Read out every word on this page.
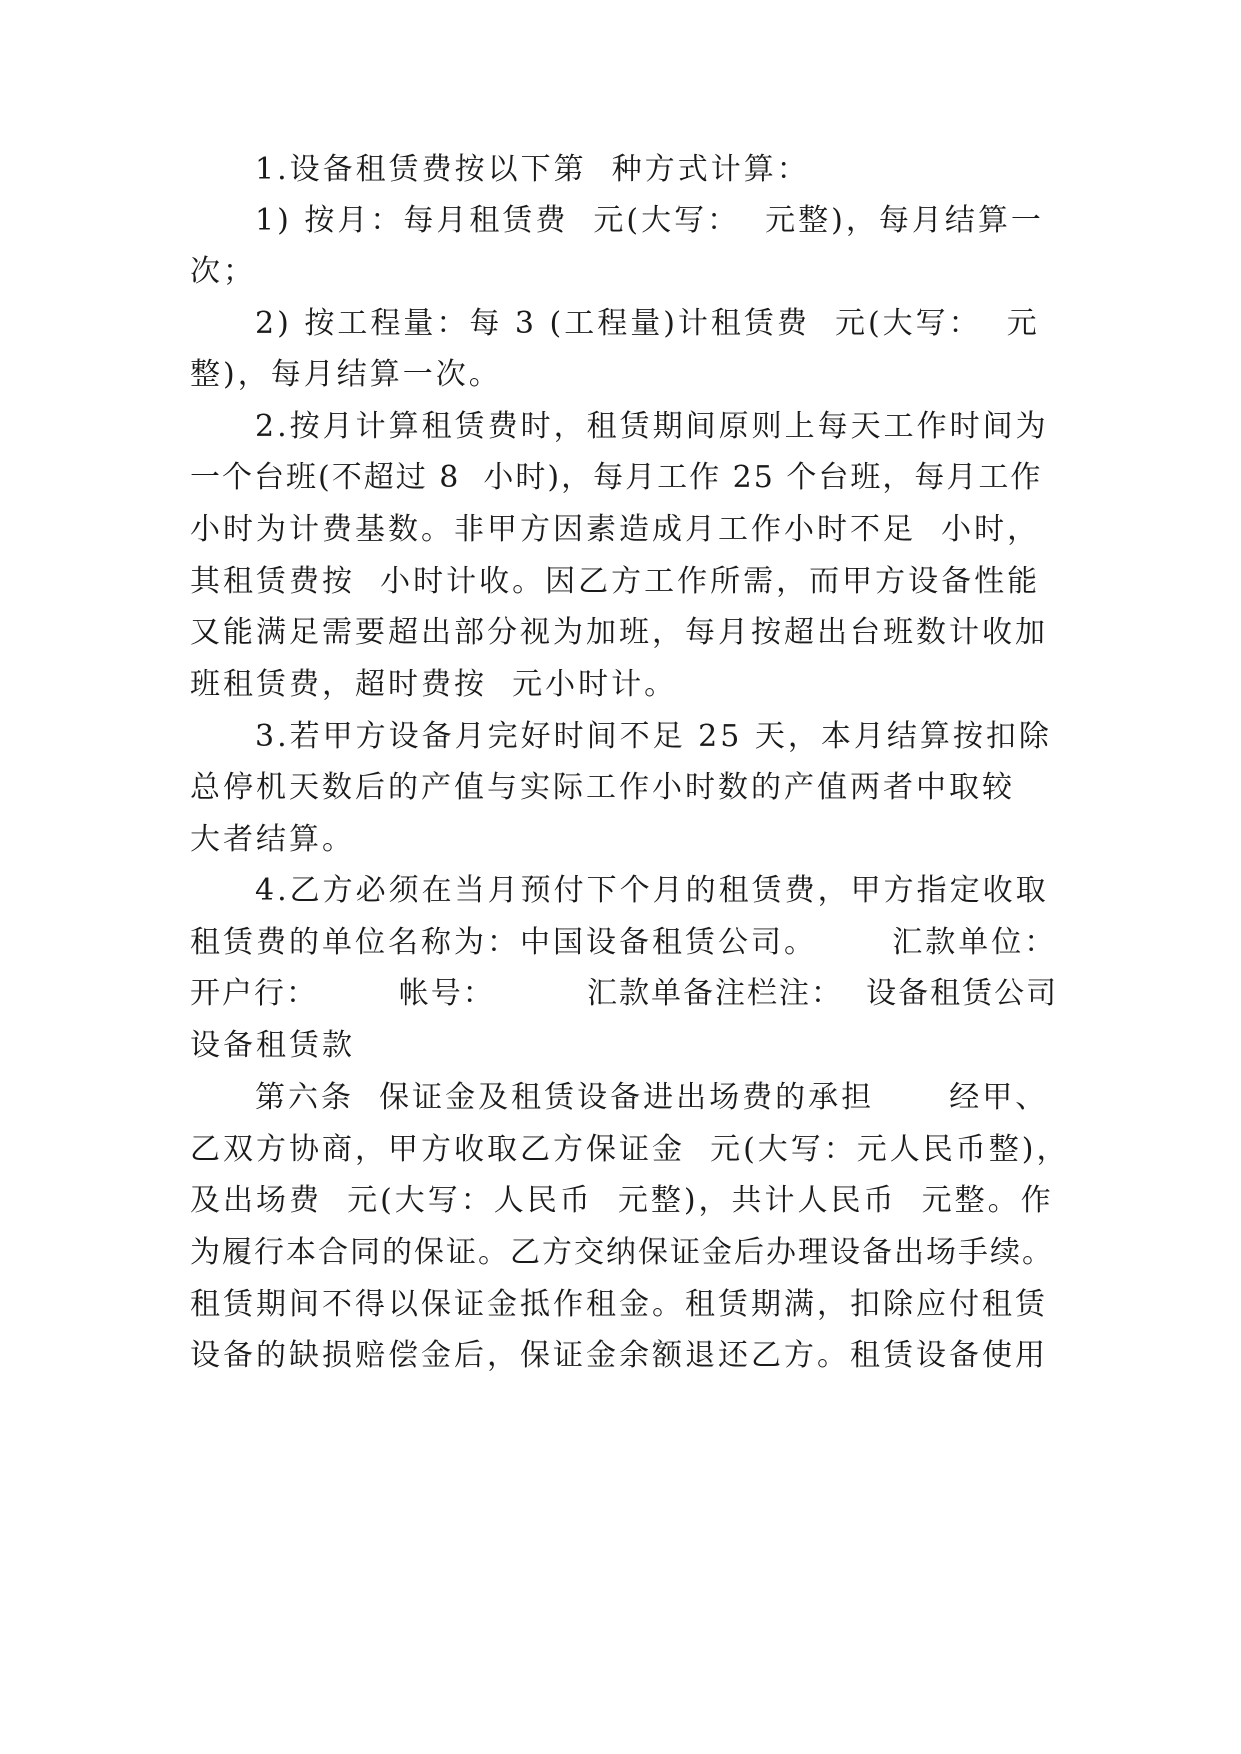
1.设备租赁费按以下第  种方式计算：
1) 按月：每月租赁费  元(大写：  元整)，每月结算一
次；
2) 按工程量：每 3 (工程量)计租赁费  元(大写：  元
整)，每月结算一次。
2.按月计算租赁费时，租赁期间原则上每天工作时间为
一个台班(不超过 8  小时)，每月工作 25 个台班，每月工作
小时为计费基数。非甲方因素造成月工作小时不足  小时，
其租赁费按  小时计收。因乙方工作所需，而甲方设备性能
又能满足需要超出部分视为加班，每月按超出台班数计收加
班租赁费，超时费按  元小时计。
3.若甲方设备月完好时间不足 25 天，本月结算按扣除
总停机天数后的产值与实际工作小时数的产值两者中取较
大者结算。
4.乙方必须在当月预付下个月的租赁费，甲方指定收取
租赁费的单位名称为：中国设备租赁公司。      汇款单位：
开户行：       帐号：        汇款单备注栏注：  设备租赁公司
设备租赁款
第六条  保证金及租赁设备进出场费的承担      经甲、
乙双方协商，甲方收取乙方保证金  元(大写：元人民币整)，
及出场费  元(大写：人民币  元整)，共计人民币  元整。作
为履行本合同的保证。乙方交纳保证金后办理设备出场手续。
租赁期间不得以保证金抵作租金。租赁期满，扣除应付租赁
设备的缺损赔偿金后，保证金余额退还乙方。租赁设备使用
